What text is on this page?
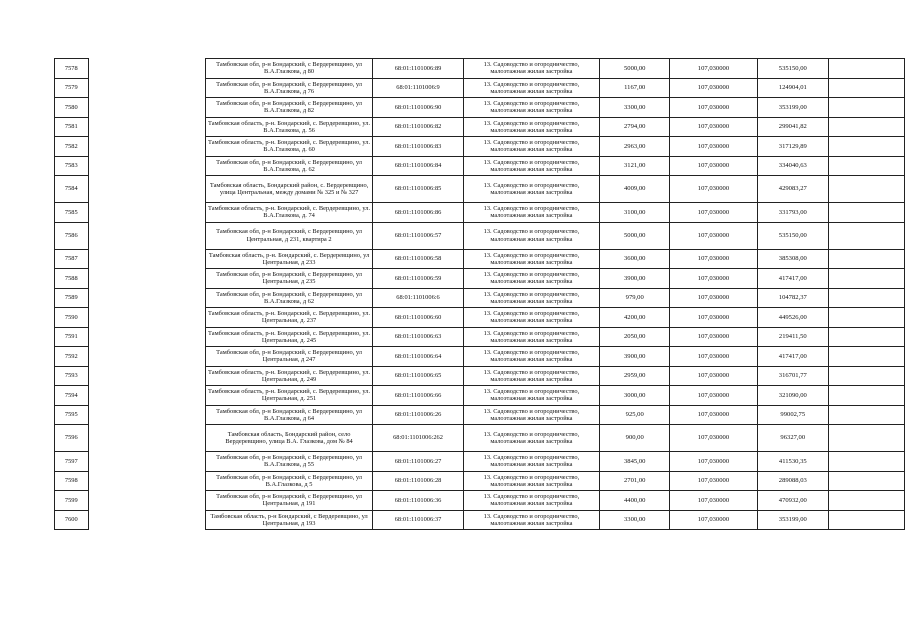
7578		Тамбовская обл, р-н Бондарский, с Вердеревщино, ул В.А.Глазкова, д 80	68:01:1101006:89	13. Садоводство и огородничество, малоэтажная жилая застройка	5000,00	107,030000	535150,00	
7579		Тамбовская обл, р-н Бондарский, с Вердеревщино, ул В.А.Глазкова, д 76	68:01:1101006:9	13. Садоводство и огородничество, малоэтажная жилая застройка	1167,00	107,030000	124904,01	
7580		Тамбовская обл, р-н Бондарский, с Вердеревщино, ул В.А.Глазкова, д 82	68:01:1101006:90	13. Садоводство и огородничество, малоэтажная жилая застройка	3300,00	107,030000	353199,00	
7581		Тамбовская область, р-н. Бондарский, с. Вердеревщино, ул. В.А.Глазкова, д. 56	68:01:1101006:82	13. Садоводство и огородничество, малоэтажная жилая застройка	2794,00	107,030000	299041,82	
7582		Тамбовская область, р-н. Бондарский, с. Вердеревщино, ул. В.А.Глазкова, д. 60	68:01:1101006:83	13. Садоводство и огородничество, малоэтажная жилая застройка	2963,00	107,030000	317129,89	
7583		Тамбовская обл, р-н Бондарский, с Вердеревщино, ул В.А.Глазкова, д. 62	68:01:1101006:84	13. Садоводство и огородничество, малоэтажная жилая застройка	3121,00	107,030000	334040,63	
7584		Тамбовская область, Бондарский район, с. Вердеревщино, улица Центральная, между домами № 325 и № 327	68:01:1101006:85	13. Садоводство и огородничество, малоэтажная жилая застройка	4009,00	107,030000	429083,27	
7585		Тамбовская область, р-н. Бондарский, с. Вердеревщино, ул. В.А.Глазкова, д. 74	68:01:1101006:86	13. Садоводство и огородничество, малоэтажная жилая застройка	3100,00	107,030000	331793,00	
7586		Тамбовская обл, р-н Бондарский, с Вердеревщино, ул Центральная, д 231, квартира 2	68:01:1101006:57	13. Садоводство и огородничество, малоэтажная жилая застройка	5000,00	107,030000	535150,00	
7587		Тамбовская область, р-н. Бондарский, с. Вердеревщино, ул Центральная, д 233	68:01:1101006:58	13. Садоводство и огородничество, малоэтажная жилая застройка	3600,00	107,030000	385308,00	
7588		Тамбовская обл, р-н Бондарский, с Вердеревщино, ул Центральная, д 235	68:01:1101006:59	13. Садоводство и огородничество, малоэтажная жилая застройка	3900,00	107,030000	417417,00	
7589		Тамбовская обл, р-н Бондарский, с Вердеревщино, ул В.А.Глазкова, д 62	68:01:1101006:6	13. Садоводство и огородничество, малоэтажная жилая застройка	979,00	107,030000	104782,37	
7590		Тамбовская область, р-н. Бондарский, с. Вердеревщино, ул. Центральная, д. 237	68:01:1101006:60	13. Садоводство и огородничество, малоэтажная жилая застройка	4200,00	107,030000	449526,00	
7591		Тамбовская область, р-н. Бондарский, с. Вердеревщино, ул. Центральная, д. 245	68:01:1101006:63	13. Садоводство и огородничество, малоэтажная жилая застройка	2050,00	107,030000	219411,50	
7592		Тамбовская обл, р-н Бондарский, с Вердеревщино, ул Центральная, д 247	68:01:1101006:64	13. Садоводство и огородничество, малоэтажная жилая застройка	3900,00	107,030000	417417,00	
7593		Тамбовская область, р-н. Бондарский, с. Вердеревщино, ул. Центральная, д. 249	68:01:1101006:65	13. Садоводство и огородничество, малоэтажная жилая застройка	2959,00	107,030000	316701,77	
7594		Тамбовская область, р-н. Бондарский, с. Вердеревщино, ул. Центральная, д. 251	68:01:1101006:66	13. Садоводство и огородничество, малоэтажная жилая застройка	3000,00	107,030000	321090,00	
7595		Тамбовская обл, р-н Бондарский, с Вердеревщино, ул В.А.Глазкова, д 64	68:01:1101006:26	13. Садоводство и огородничество, малоэтажная жилая застройка	925,00	107,030000	99002,75	
7596		Тамбовская область, Бондарский район, село Вердеревщино, улица В.А. Глазкова, дом № 84	68:01:1101006:262	13. Садоводство и огородничество, малоэтажная жилая застройка	900,00	107,030000	96327,00	
7597		Тамбовская обл, р-н Бондарский, с Вердеревщино, ул В.А.Глазкова, д 55	68:01:1101006:27	13. Садоводство и огородничество, малоэтажная жилая застройка	3845,00	107,030000	411530,35	
7598		Тамбовская обл, р-н Бондарский, с Вердеревщино, ул В.А.Глазкова, д 5	68:01:1101006:28	13. Садоводство и огородничество, малоэтажная жилая застройка	2701,00	107,030000	289088,03	
7599		Тамбовская обл, р-н Бондарский, с Вердеревщино, ул Центральная, д 191	68:01:1101006:36	13. Садоводство и огородничество, малоэтажная жилая застройка	4400,00	107,030000	470932,00	
7600		Тамбовская область, р-н Бондарский, с Вердеревщино, ул Центральная, д 193	68:01:1101006:37	13. Садоводство и огородничество, малоэтажная жилая застройка	3300,00	107,030000	353199,00	
